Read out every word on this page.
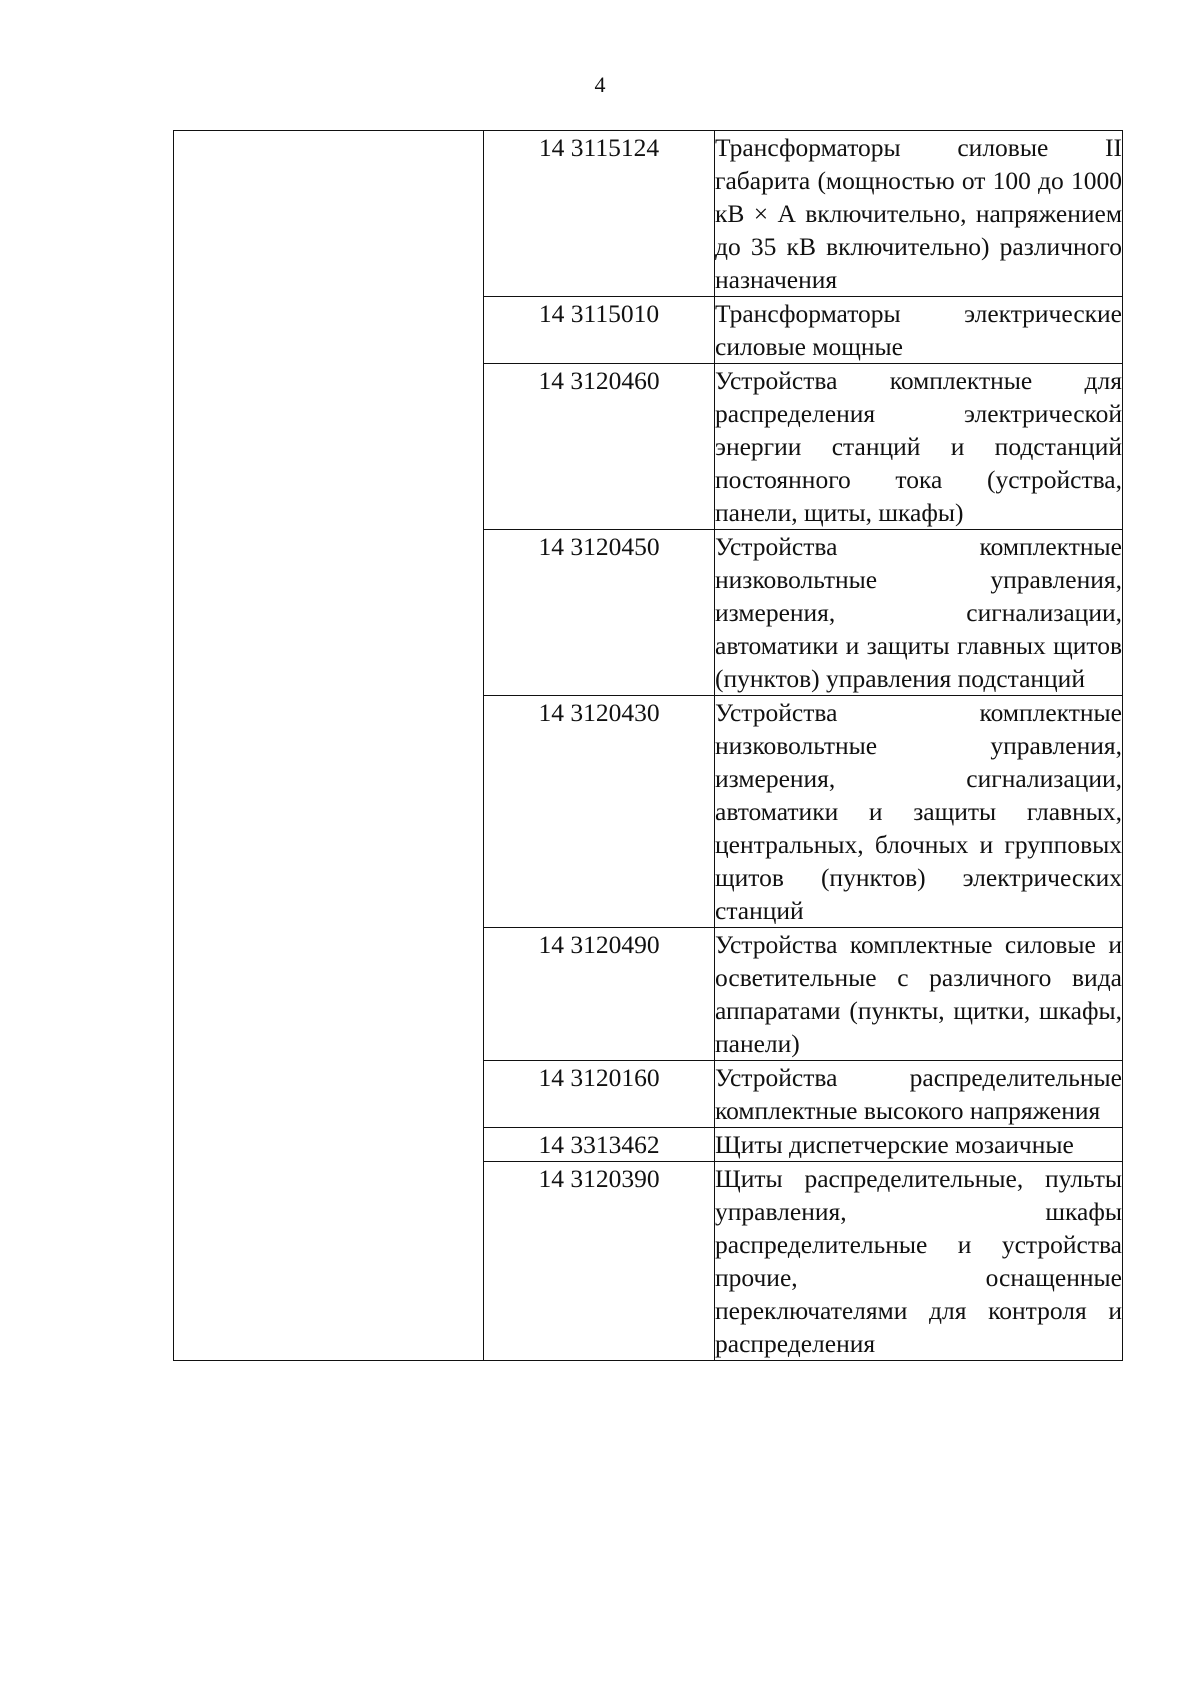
4
	14 3115124	Трансформаторы силовые II габарита (мощностью от 100 до 1000 кВ × А включительно, напряжением до 35 кВ включительно) различного назначения
	14 3115010	Трансформаторы электрические силовые мощные
	14 3120460	Устройства комплектные для распределения электрической энергии станций и подстанций постоянного тока (устройства, панели, щиты, шкафы)
	14 3120450	Устройства комплектные низковольтные управления, измерения, сигнализации, автоматики и защиты главных щитов (пунктов) управления подстанций
	14 3120430	Устройства комплектные низковольтные управления, измерения, сигнализации, автоматики и защиты главных, центральных, блочных и групповых щитов (пунктов) электрических станций
	14 3120490	Устройства комплектные силовые и осветительные с различного вида аппаратами (пункты, щитки, шкафы, панели)
	14 3120160	Устройства распределительные комплектные высокого напряжения
	14 3313462	Щиты диспетчерские мозаичные
	14 3120390	Щиты распределительные, пульты управления, шкафы распределительные и устройства прочие, оснащенные переключателями для контроля и распределения
